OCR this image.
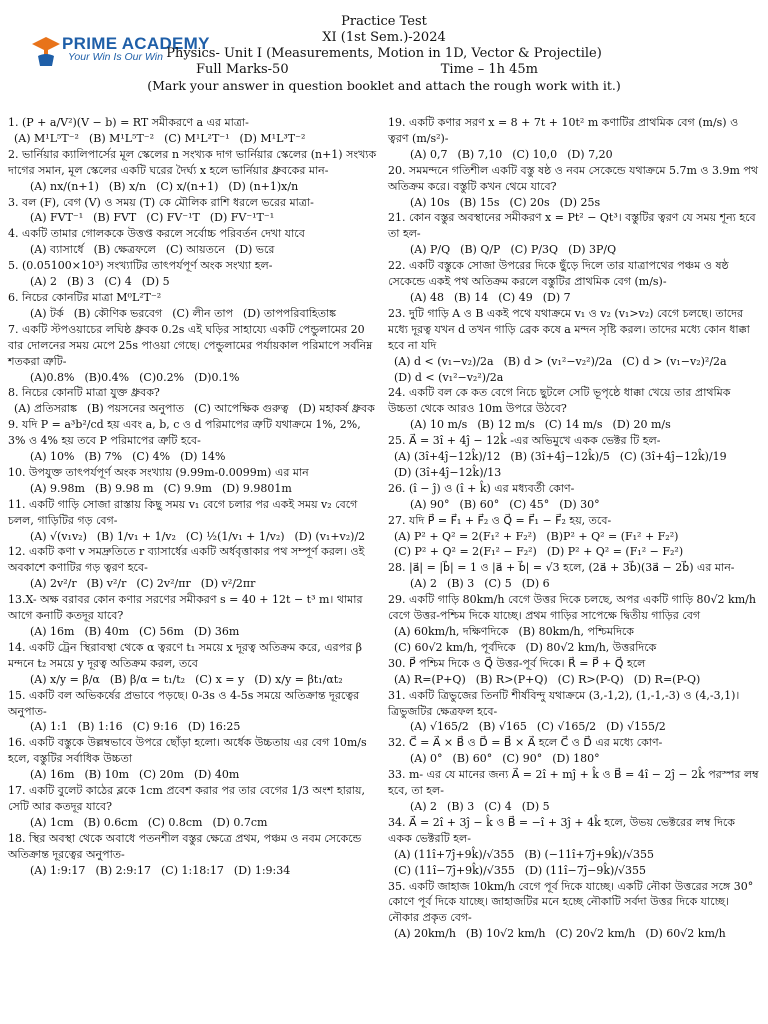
PRIME ACADEMY
Your Win Is Our Win
Practice Test
XI (1st Sem.)-2024
Physics- Unit I (Measurements, Motion in 1D, Vector & Projectile)
Full Marks-50	Time – 1h 45m
(Mark your answer in question booklet and attach the rough work with it.)
1. (P + a/V²)(V − b) = RT সমীকরণে a এর মাত্রা-
(A) M¹L⁵T⁻² (B) M¹L⁵T⁻² (C) M¹L²T⁻¹ (D) M¹L³T⁻²
2. ভার্নিয়ার ক্যালিপার্সের মূল স্কেলের n সংখ্যক দাগ ভার্নিয়ার স্কেলের (n+1) সংখ্যক দাগের সমান, মূল স্কেলের একটি ঘরের দৈর্ঘ্য x হলে ভার্নিয়ার ধ্রুবকের মান-
(A) nx/(n+1) (B) x/n (C) x/(n+1) (D) (n+1)x/n
3. বল (F), বেগ (V) ও সময় (T) কে মৌলিক রাশি ধরলে ভরের মাত্রা-
(A) FVT⁻¹ (B) FVT (C) FV⁻¹T (D) FV⁻¹T⁻¹
4. একটি তামার গোলককে উত্তপ্ত করলে সর্বোচ্চ পরিবর্তন দেখা যাবে
(A) ব্যাসার্ধে (B) ক্ষেত্রফলে (C) আয়তনে (D) ভরে
5. (0.05100×10³) সংখ্যাটির তাৎপর্যপূর্ণ অংক সংখ্যা হল-
(A) 2 (B) 3 (C) 4 (D) 5
6. নিচের কোনটির মাত্রা M⁰L²T⁻²
(A) টর্ক (B) কৌণিক ভরবেগ (C) লীন তাপ (D) তাপপরিবাহিতাঙ্ক
7. একটি স্টপওয়াচের লঘিষ্ঠ ধ্রুবক 0.2s এই ঘড়ির সাহায্যে একটি পেন্ডুলামের 20 বার দোলনের সময় মেপে 25s পাওয়া গেছে। পেন্ডুলামের পর্যায়কাল পরিমাপে সর্বনিম্ন শতকরা ত্রুটি-
(A)0.8% (B)0.4% (C)0.2% (D)0.1%
8. নিচের কোনটি মাত্রা যুক্ত ধ্রুবক?
(A) প্রতিসরাঙ্ক (B) পয়সনের অনুপাত (C) আপেক্ষিক গুরুত্ব (D) মহাকর্ষ ধ্রুবক
9. যদি P = a³b²/cd হয় এবং a, b, c ও d পরিমাপের ত্রুটি যথাক্রমে 1%, 2%, 3% ও 4% হয় তবে P পরিমাপের ত্রুটি হবে-
(A) 10% (B) 7% (C) 4% (D) 14%
10. উপযুক্ত তাৎপর্যপূর্ণ অংক সংখ্যায় (9.99m-0.0099m) এর মান
(A) 9.98m (B) 9.98 m (C) 9.9m (D) 9.9801m
11. একটি গাড়ি সোজা রাস্তায় কিছু সময় v₁ বেগে চলার পর একই সময় v₂ বেগে চলল, গাড়িটির গড় বেগ-
(A) √(v₁v₂) (B) 1/v₁ + 1/v₂ (C) ½(1/v₁ + 1/v₂) (D) (v₁+v₂)/2
12. একটি কণা v সমদ্রুতিতে r ব্যাসার্ধের একটি অর্ধবৃত্তাকার পথ সম্পূর্ণ করল। ওই অবকাশে কণাটির গড় ত্বরণ হবে-
(A) 2v²/r (B) v²/r (C) 2v²/πr (D) v²/2πr
13.X- অক্ষ বরাবর কোন কণার সরণের সমীকরণ s = 40 + 12t − t³ m। থামার আগে কনাটি কতদূর যাবে?
(A) 16m (B) 40m (C) 56m (D) 36m
14. একটি ট্রেন স্থিরাবস্থা থেকে α ত্বরণে t₁ সময়ে x দূরত্ব অতিক্রম করে, এরপর β মন্দনে t₂ সময়ে y দূরত্ব অতিক্রম করল, তবে
(A) x/y = β/α (B) β/α = t₁/t₂ (C) x = y (D) x/y = βt₁/αt₂
15. একটি বল অভিকর্ষের প্রভাবে পড়ছে। 0-3s ও 4-5s সময়ে অতিক্রান্ত দূরত্বের অনুপাত-
(A) 1:1 (B) 1:16 (C) 9:16 (D) 16:25
16. একটি বস্তুকে উল্লম্বভাবে উপরে ছোঁড়া হলো। অর্ধেক উচ্চতায় এর বেগ 10m/s হলে, বস্তুটির সর্বাধিক উচ্চতা
(A) 16m (B) 10m (C) 20m (D) 40m
17. একটি বুলেট কাঠের ব্লকে 1cm প্রবেশ করার পর তার বেগের 1/3 অংশ হারায়, সেটি আর কতদূর যাবে?
(A) 1cm (B) 0.6cm (C) 0.8cm (D) 0.7cm
18. স্থির অবস্থা থেকে অবাধে পতনশীল বস্তুর ক্ষেত্রে প্রথম, পঞ্চম ও নবম সেকেন্ডে অতিক্রান্ত দূরত্বের অনুপাত-
(A) 1:9:17 (B) 2:9:17 (C) 1:18:17 (D) 1:9:34
19. একটি কণার সরণ x = 8 + 7t + 10t² m কণাটির প্রাথমিক বেগ (m/s) ও ত্বরণ (m/s²)-
(A) 0,7 (B) 7,10 (C) 10,0 (D) 7,20
20. সমমন্দনে গতিশীল একটি বস্তু ষষ্ঠ ও নবম সেকেন্ডে যথাক্রমে 5.7m ও 3.9m পথ অতিক্রম করে। বস্তুটি কখন থেমে যাবে?
(A) 10s (B) 15s (C) 20s (D) 25s
21. কোন বস্তুর অবস্থানের সমীকরণ x = Pt² − Qt³। বস্তুটির ত্বরণ যে সময় শূন্য হবে তা হল-
(A) P/Q (B) Q/P (C) P/3Q (D) 3P/Q
22. একটি বস্তুকে সোজা উপরের দিকে ছুঁড়ে দিলে তার যাত্রাপথের পঞ্চম ও ষষ্ঠ সেকেন্ডে একই পথ অতিক্রম করলে বস্তুটির প্রাথমিক বেগ (m/s)-
(A) 48 (B) 14 (C) 49 (D) 7
23. দুটি গাড়ি A ও B একই পথে যথাক্রমে v₁ ও v₂ (v₁>v₂) বেগে চলছে। তাদের মধ্যে দূরত্ব যখন d তখন গাড়ি ব্রেক কষে a মন্দন সৃষ্টি করল। তাদের মধ্যে কোন ধাক্কা হবে না যদি
(A) d < (v₁−v₂)/2a (B) d > (v₁²−v₂²)/2a (C) d > (v₁−v₂)²/2a
(D) d < (v₁²−v₂²)/2a
24. একটি বল কে কত বেগে নিচে ছুটলে সেটি ভূপৃষ্ঠে ধাক্কা খেয়ে তার প্রাথমিক উচ্চতা থেকে আরও 10m উপরে উঠবে?
(A) 10 m/s (B) 12 m/s (C) 14 m/s (D) 20 m/s
25. A⃗ = 3î + 4ĵ − 12k̂ -এর অভিমুখে একক ভেক্টর টি হল-
(A) (3î+4ĵ−12k̂)/12 (B) (3î+4ĵ−12k̂)/5 (C) (3î+4ĵ−12k̂)/19
(D) (3î+4ĵ−12k̂)/13
26. (î − ĵ) ও (î + k̂) এর মধ্যবর্তী কোণ-
(A) 90° (B) 60° (C) 45° (D) 30°
27. যদি P⃗ = F⃗₁ + F⃗₂ ও Q⃗ = F⃗₁ − F⃗₂ হয়, তবে-
(A) P² + Q² = 2(F₁² + F₂²) (B)P² + Q² = (F₁² + F₂²)
(C) P² + Q² = 2(F₁² − F₂²) (D) P² + Q² = (F₁² − F₂²)
28. |a⃗| = |b⃗| = 1 ও |a⃗ + b⃗| = √3 হলে, (2a⃗ + 3b⃗)(3a⃗ − 2b⃗) এর মান-
(A) 2 (B) 3 (C) 5 (D) 6
29. একটি গাড়ি 80km/h বেগে উত্তর দিকে চলছে, অপর একটি গাড়ি 80√2 km/h বেগে উত্তর-পশ্চিম দিকে যাচ্ছে। প্রথম গাড়ির সাপেক্ষে দ্বিতীয় গাড়ির বেগ
(A) 60km/h, দক্ষিণদিকে (B) 80km/h, পশ্চিমদিকে
(C) 60√2 km/h, পূর্বদিকে (D) 80√2 km/h, উত্তরদিকে
30. P⃗ পশ্চিম দিকে ও Q⃗ উত্তর-পূর্ব দিকে। R⃗ = P⃗ + Q⃗ হলে
(A) R=(P+Q) (B) R>(P+Q) (C) R>(P-Q) (D) R=(P-Q)
31. একটি ত্রিভুজের তিনটি শীর্ষবিন্দু যথাক্রমে (3,-1,2), (1,-1,-3) ও (4,-3,1)। ত্রিভুজটির ক্ষেত্রফল হবে-
(A) √165/2 (B) √165 (C) √165/2 (D) √155/2
32. C⃗ = A⃗ × B⃗ ও D⃗ = B⃗ × A⃗ হলে C⃗ ও D⃗ এর মধ্যে কোণ-
(A) 0° (B) 60° (C) 90° (D) 180°
33. m- এর যে মানের জন্য A⃗ = 2î + mĵ + k̂ ও B⃗ = 4î − 2ĵ − 2k̂ পরস্পর লম্ব হবে, তা হল-
(A) 2 (B) 3 (C) 4 (D) 5
34. A⃗ = 2î + 3ĵ − k̂ ও B⃗ = −î + 3ĵ + 4k̂ হলে, উভয় ভেক্টরের লম্ব দিকে একক ভেক্টরটি হল-
(A) (11î+7ĵ+9k̂)/√355 (B) (−11î+7ĵ+9k̂)/√355
(C) (11î−7ĵ+9k̂)/√355 (D) (11î−7ĵ−9k̂)/√355
35. একটি জাহাজ 10km/h বেগে পূর্ব দিকে যাচ্ছে। একটি নৌকা উত্তরের সঙ্গে 30° কোণে পূর্ব দিকে যাচ্ছে। জাহাজটির মনে হচ্ছে নৌকাটি সর্বদা উত্তর দিকে যাচ্ছে। নৌকার প্রকৃত বেগ-
(A) 20km/h (B) 10√2 km/h (C) 20√2 km/h (D) 60√2 km/h
